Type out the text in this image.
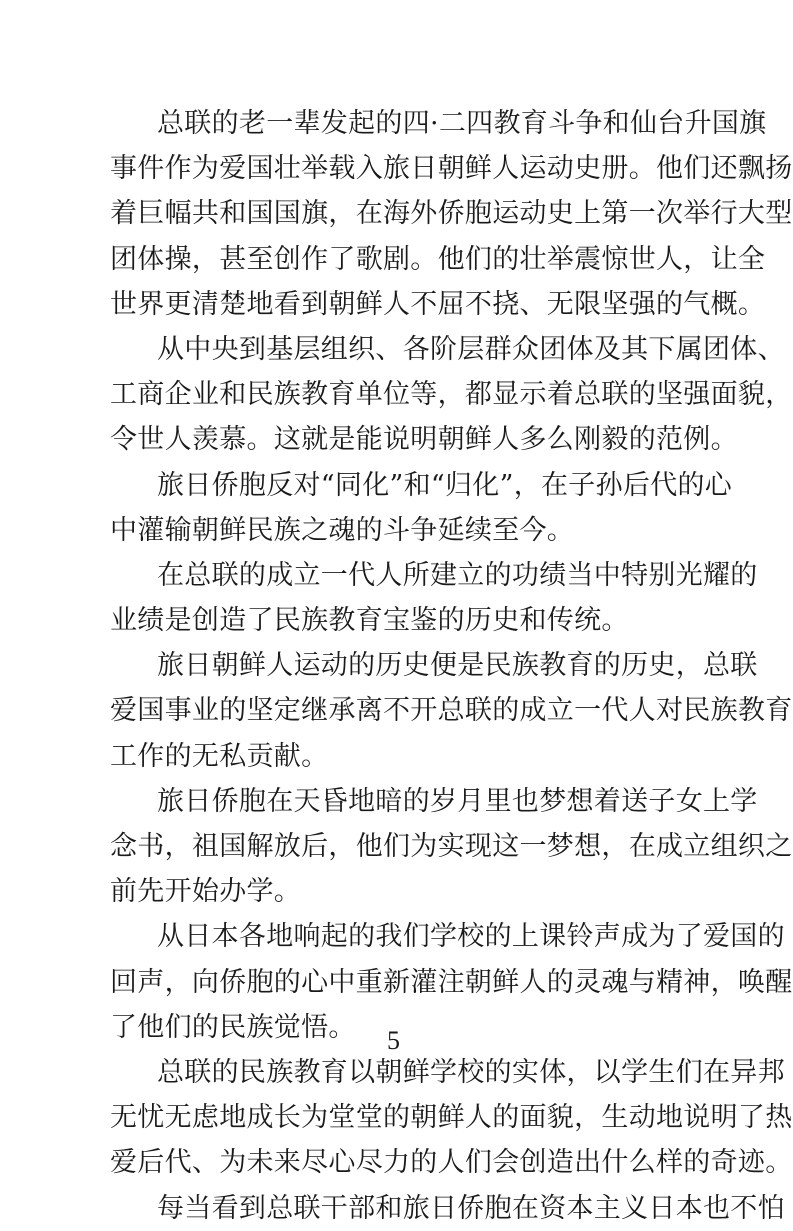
总联的老一辈发起的四·二四教育斗争和仙台升国旗
事件作为爱国壮举载入旅日朝鲜人运动史册。他们还飘扬
着巨幅共和国国旗，在海外侨胞运动史上第一次举行大型
团体操，甚至创作了歌剧。他们的壮举震惊世人，让全
世界更清楚地看到朝鲜人不屈不挠、无限坚强的气概。
从中央到基层组织、各阶层群众团体及其下属团体、
工商企业和民族教育单位等，都显示着总联的坚强面貌，
令世人羡慕。这就是能说明朝鲜人多么刚毅的范例。
旅日侨胞反对“同化”和“归化”，在子孙后代的心
中灌输朝鲜民族之魂的斗争延续至今。
在总联的成立一代人所建立的功绩当中特别光耀的
业绩是创造了民族教育宝鉴的历史和传统。
旅日朝鲜人运动的历史便是民族教育的历史，总联
爱国事业的坚定继承离不开总联的成立一代人对民族教育
工作的无私贡献。
旅日侨胞在天昏地暗的岁月里也梦想着送子女上学
念书，祖国解放后，他们为实现这一梦想，在成立组织之
前先开始办学。
从日本各地响起的我们学校的上课铃声成为了爱国的
回声，向侨胞的心中重新灌注朝鲜人的灵魂与精神，唤醒
了他们的民族觉悟。
总联的民族教育以朝鲜学校的实体，以学生们在异邦
无忧无虑地成长为堂堂的朝鲜人的面貌，生动地说明了热
爱后代、为未来尽心尽力的人们会创造出什么样的奇迹。
每当看到总联干部和旅日侨胞在资本主义日本也不怕
5
